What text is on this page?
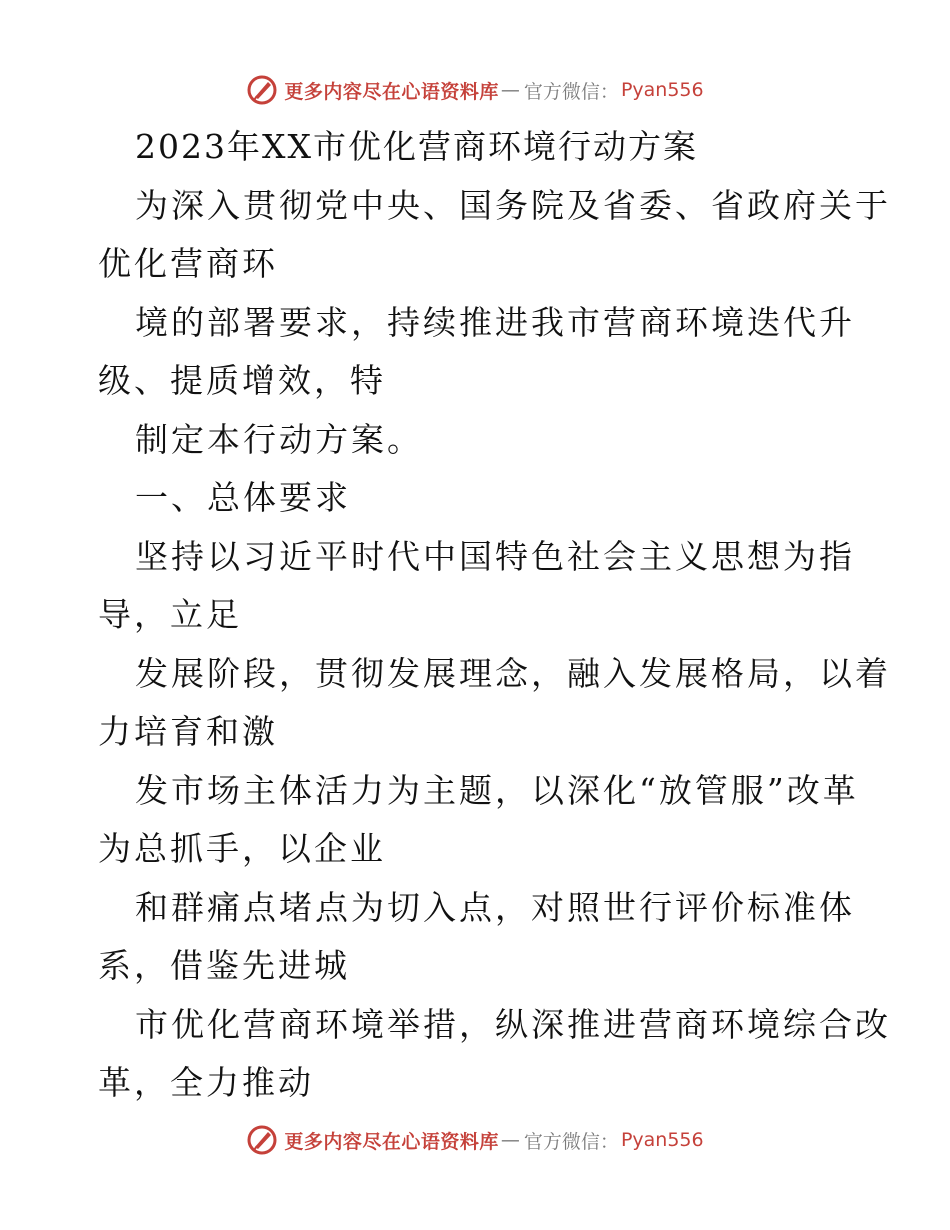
更多内容尽在心语资料库 — 官方微信： Pyan556
2023年XX市优化营商环境行动方案
为深入贯彻党中央、国务院及省委、省政府关于
优化营商环
境的部署要求，持续推进我市营商环境迭代升
级、提质增效，特
制定本行动方案。
一、总体要求
坚持以习近平时代中国特色社会主义思想为指
导，立足
发展阶段，贯彻发展理念，融入发展格局，以着
力培育和激
发市场主体活力为主题，以深化“放管服”改革
为总抓手，以企业
和群痛点堵点为切入点，对照世行评价标准体
系，借鉴先进城
市优化营商环境举措，纵深推进营商环境综合改
革，全力推动
更多内容尽在心语资料库 — 官方微信： Pyan556
